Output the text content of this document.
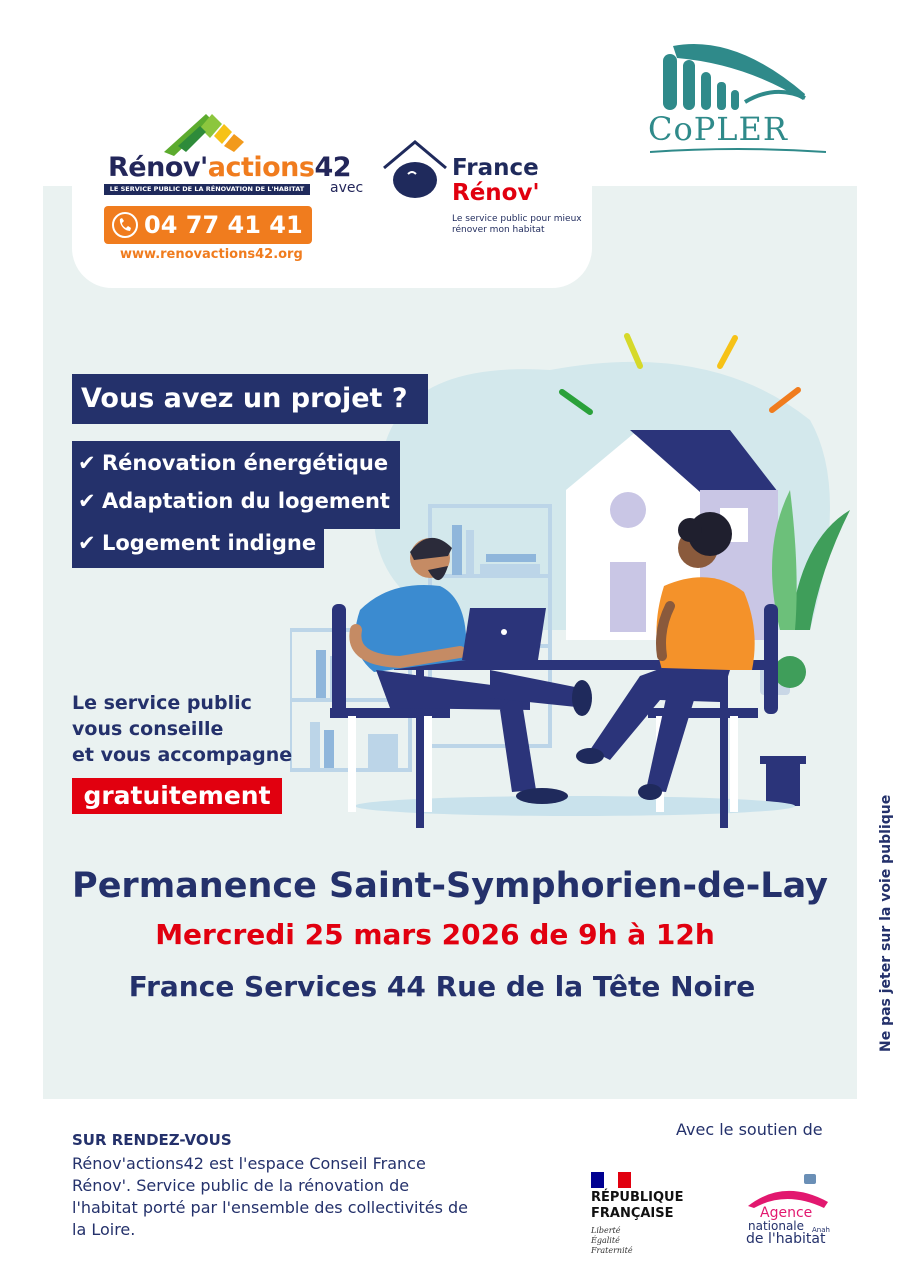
Rénov'actions42
LE SERVICE PUBLIC DE LA RÉNOVATION DE L'HABITAT
04 77 41 41 25
www.renovactions42.org
avec
France
Rénov'
Le service public pour mieux rénover mon habitat
CoPLER
Vous avez un projet ?
✔ Rénovation énergétique
✔ Adaptation du logement
✔ Logement indigne
Le service public
vous conseille
et vous accompagne
gratuitement
Permanence Saint-Symphorien-de-Lay
Mercredi 25 mars 2026 de 9h à 12h
France Services 44 Rue de la Tête Noire	Ne pas jeter sur la voie publique
SUR RENDEZ-VOUS
Rénov'actions42 est l'espace Conseil France Rénov'. Service public de la rénovation de l'habitat porté par l'ensemble des collectivités de la Loire.
Avec le soutien de
RÉPUBLIQUE
FRANÇAISE
Liberté
Égalité
Fraternité
Agence
nationale
de l'habitat
Anah
